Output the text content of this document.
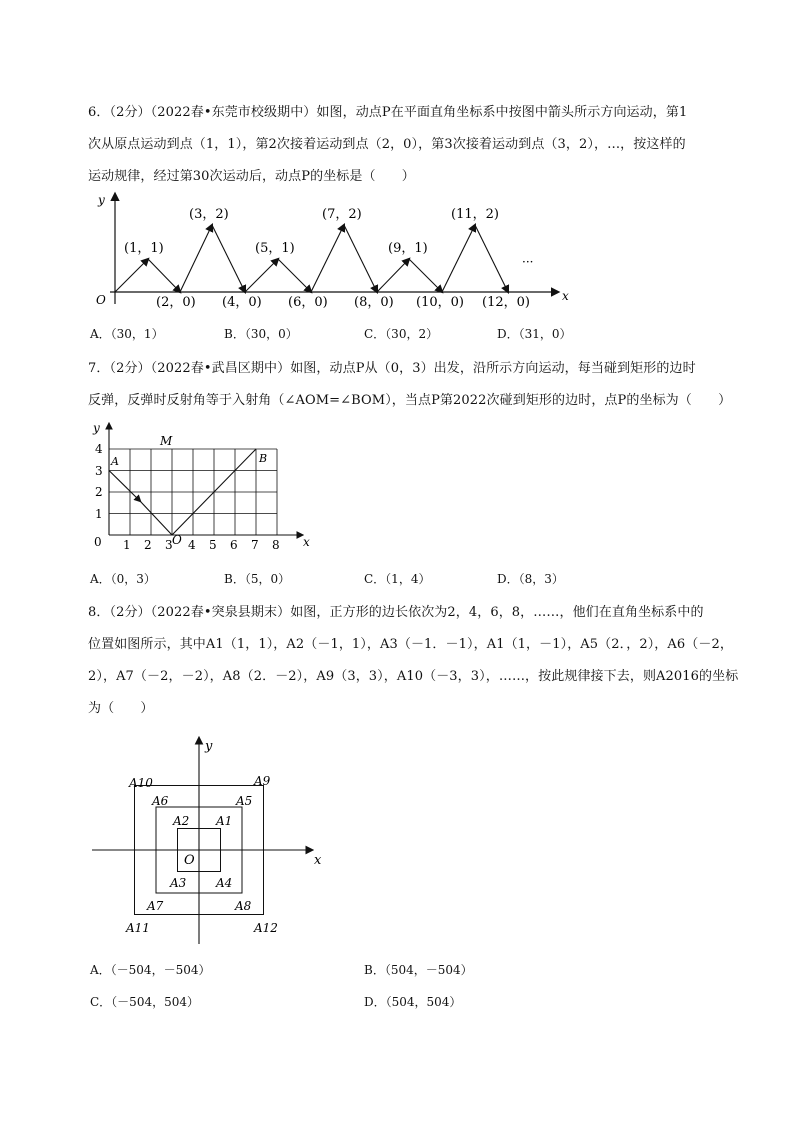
6．（2分）（2022春•东莞市校级期中）如图，动点P在平面直角坐标系中按图中箭头所示方向运动，第1
次从原点运动到点（1，1），第2次接着运动到点（2，0），第3次接着运动到点（3，2），…，按这样的
运动规律，经过第30次运动后，动点P的坐标是（　　）
y
x
O
(1，1)
(3，2)
(5，1)
(7，2)
(9，1)
(11，2)
(2，0) (4，0) (6，0) (8，0) (10，0) (12，0)
···
A．（30，1）	B．（30，0）	C．（30，2）	D．（31，0）
7．（2分）（2022春•武昌区期中）如图，动点P从（0，3）出发，沿所示方向运动，每当碰到矩形的边时
反弹，反弹时反射角等于入射角（∠AOM=∠BOM），当点P第2022次碰到矩形的边时，点P的坐标为（　　）
y
x
0	O
A	B
M
1 2 3 4 5 6 7 8
1
2
3
4
A．（0，3）	B．（5，0）	C．（1，4）	D．（8，3）
8．（2分）（2022春•突泉县期末）如图，正方形的边长依次为2，4，6，8，……，他们在直角坐标系中的
位置如图所示，其中A1（1，1），A2（－1，1），A3（－1．－1），A1（1，－1），A5（2．，2），A6（－2，
2），A7（－2，－2），A8（2．－2），A9（3，3），A10（－3，3），……，按此规律接下去，则A2016的坐标
为（　　）
x
y
O
A1
A2
A3 A4
A5
A6
A7	A8
A9
A10
A11	A12
A．（－504，－504）	B．（504，－504）
C．（－504，504）	D．（504，504）
